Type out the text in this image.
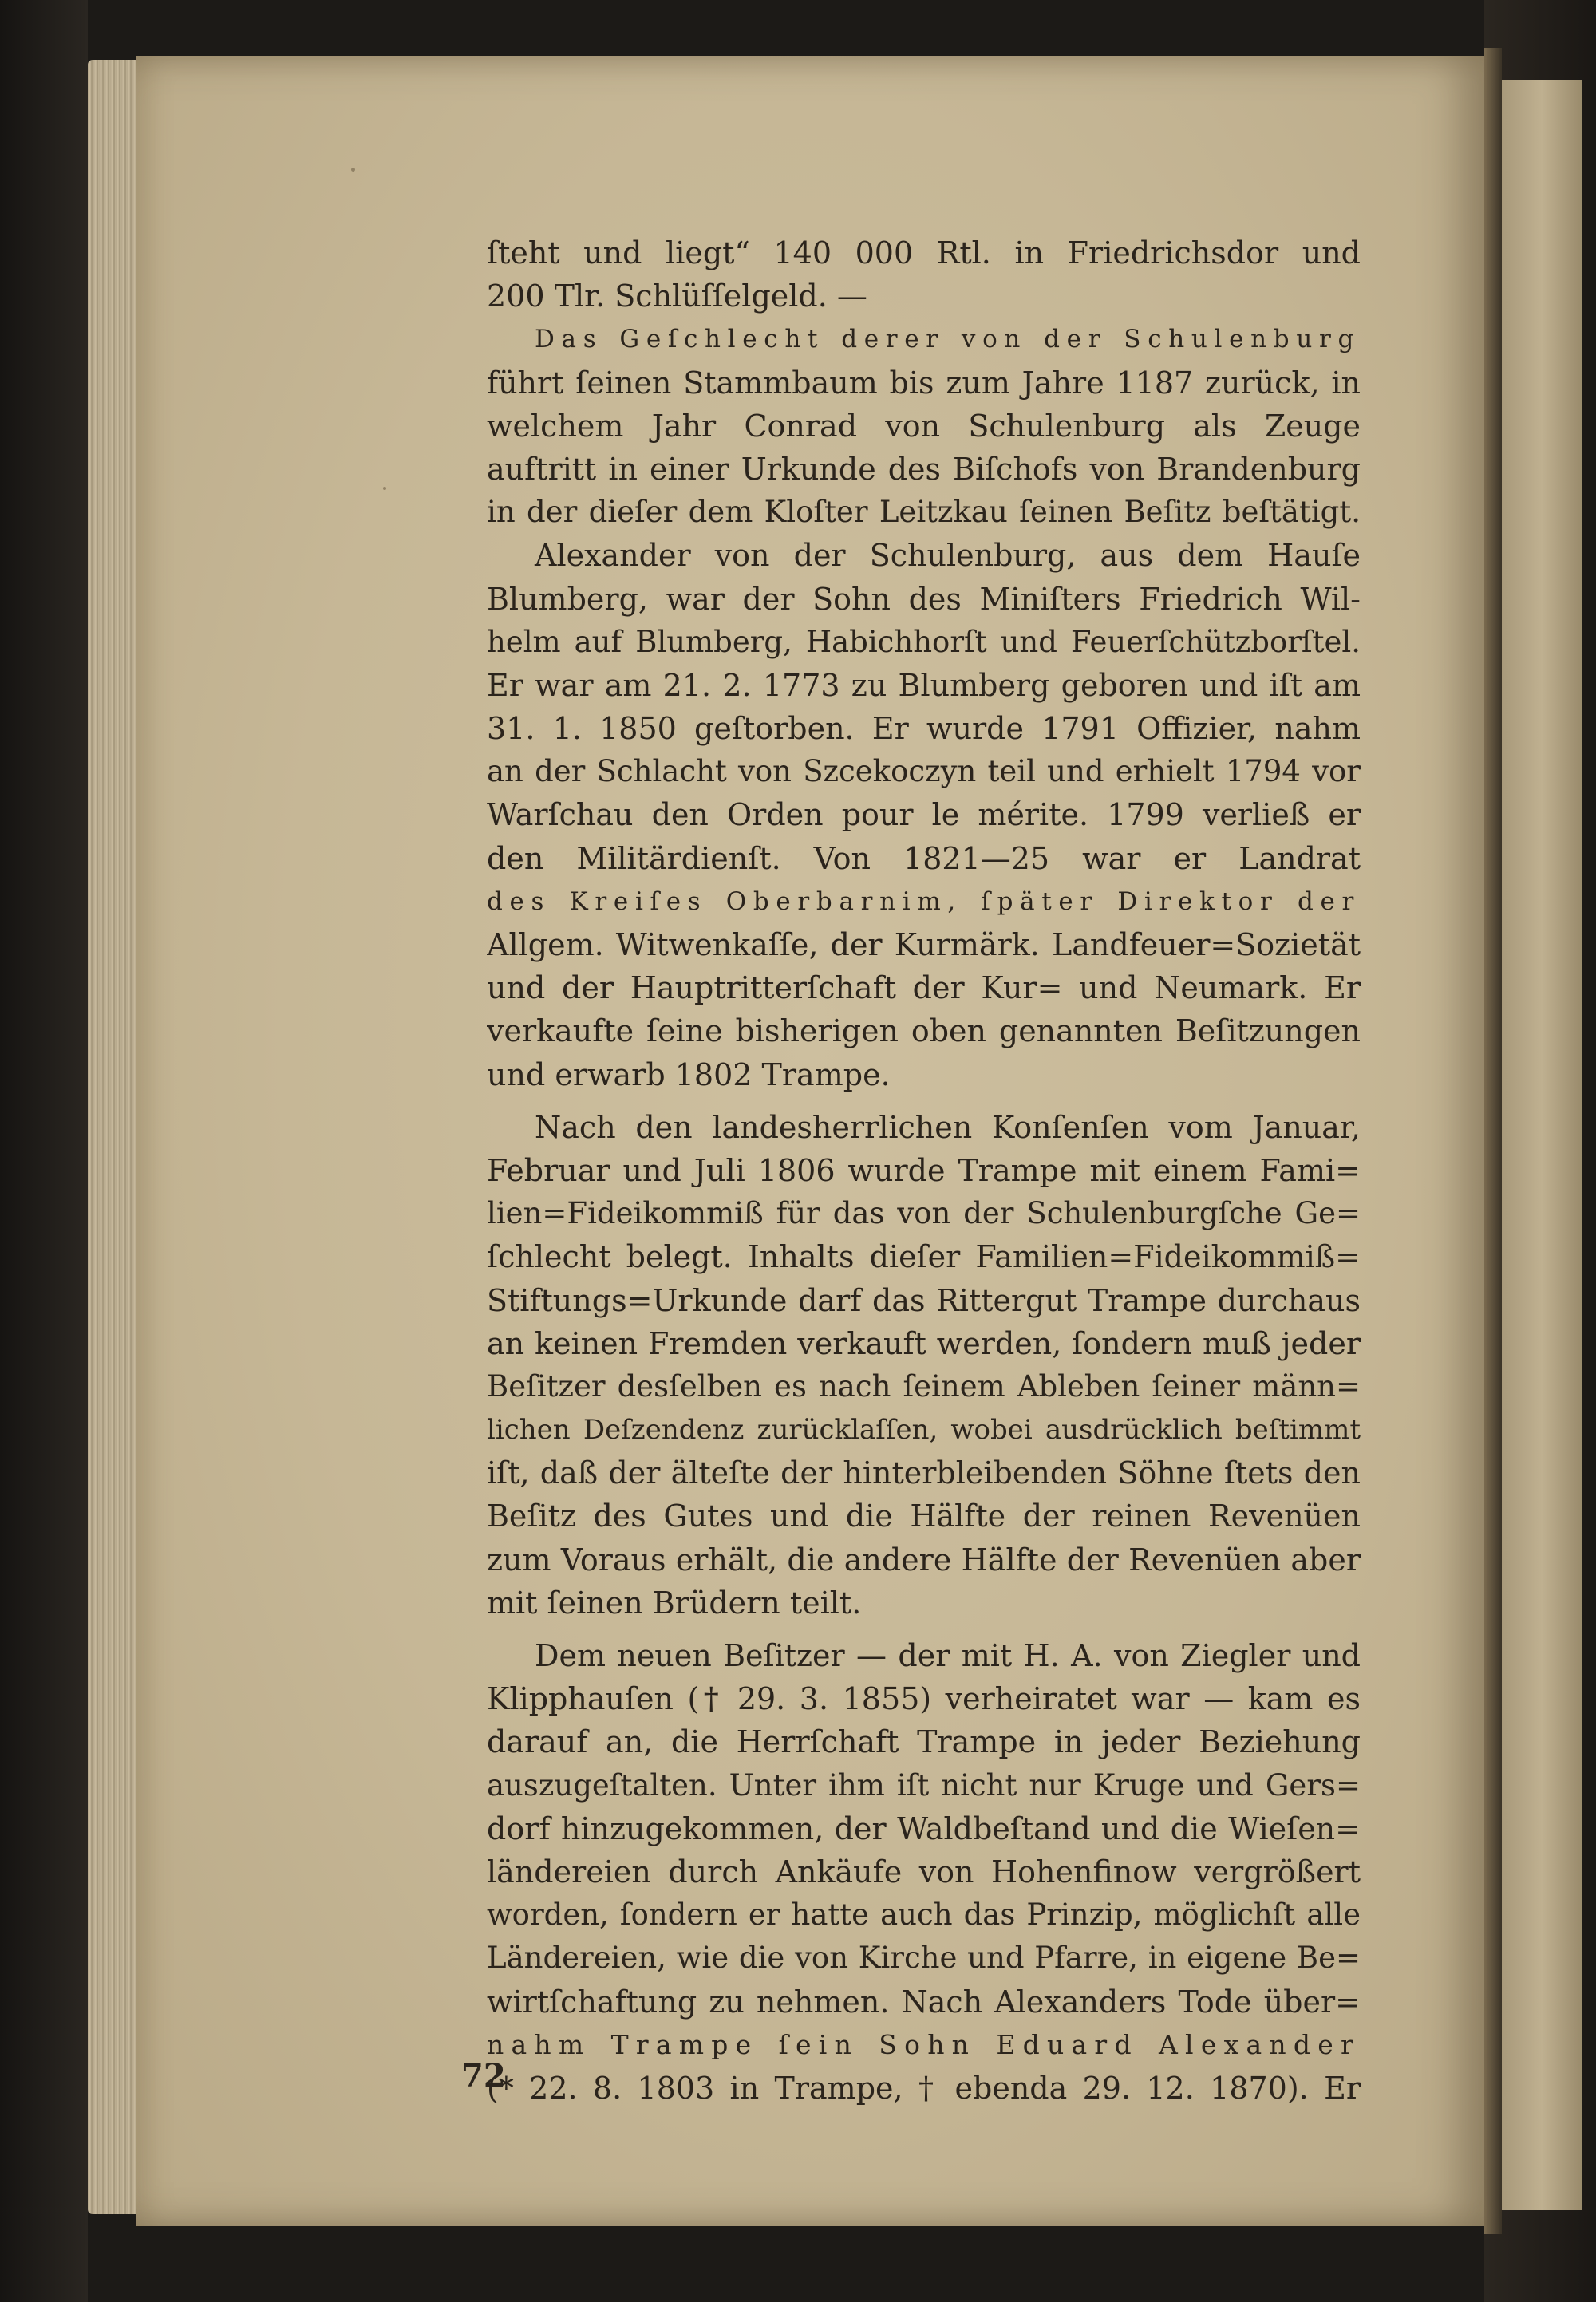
ſteht und liegt“ 140 000 Rtl. in Friedrichsdor und
200 Tlr. Schlüſſelgeld. —
Das Geſchlecht derer von der Schulenburg
führt ſeinen Stammbaum bis zum Jahre 1187 zurück, in
welchem Jahr Conrad von Schulenburg als Zeuge
auftritt in einer Urkunde des Biſchofs von Brandenburg
in der dieſer dem Kloſter Leitzkau ſeinen Beſitz beſtätigt.
Alexander von der Schulenburg, aus dem Hauſe
Blumberg, war der Sohn des Miniſters Friedrich Wil-
helm auf Blumberg, Habichhorſt und Feuerſchützborſtel.
Er war am 21. 2. 1773 zu Blumberg geboren und iſt am
31. 1. 1850 geſtorben. Er wurde 1791 Offizier, nahm
an der Schlacht von Szcekoczyn teil und erhielt 1794 vor
Warſchau den Orden pour le mérite. 1799 verließ er
den Militärdienſt. Von 1821—25 war er Landrat
des Kreiſes Oberbarnim, ſpäter Direktor der
Allgem. Witwenkaſſe, der Kurmärk. Landfeuer=Sozietät
und der Hauptritterſchaft der Kur= und Neumark. Er
verkaufte ſeine bisherigen oben genannten Beſitzungen
und erwarb 1802 Trampe.
Nach den landesherrlichen Konſenſen vom Januar,
Februar und Juli 1806 wurde Trampe mit einem Fami=
lien=Fideikommiß für das von der Schulenburgſche Ge=
ſchlecht belegt. Inhalts dieſer Familien=Fideikommiß=
Stiftungs=Urkunde darf das Rittergut Trampe durchaus
an keinen Fremden verkauft werden, ſondern muß jeder
Beſitzer desſelben es nach ſeinem Ableben ſeiner männ=
lichen Deſzendenz zurücklaſſen, wobei ausdrücklich beſtimmt
iſt, daß der älteſte der hinterbleibenden Söhne ſtets den
Beſitz des Gutes und die Hälfte der reinen Revenüen
zum Voraus erhält, die andere Hälfte der Revenüen aber
mit ſeinen Brüdern teilt.
Dem neuen Beſitzer — der mit H. A. von Ziegler und
Klipphauſen († 29. 3. 1855) verheiratet war — kam es
darauf an, die Herrſchaft Trampe in jeder Beziehung
auszugeſtalten. Unter ihm iſt nicht nur Kruge und Gers=
dorf hinzugekommen, der Waldbeſtand und die Wieſen=
ländereien durch Ankäufe von Hohenfinow vergrößert
worden, ſondern er hatte auch das Prinzip, möglichſt alle
Ländereien, wie die von Kirche und Pfarre, in eigene Be=
wirtſchaftung zu nehmen. Nach Alexanders Tode über=
nahm Trampe ſein Sohn Eduard Alexander
(* 22. 8. 1803 in Trampe, † ebenda 29. 12. 1870). Er
72
